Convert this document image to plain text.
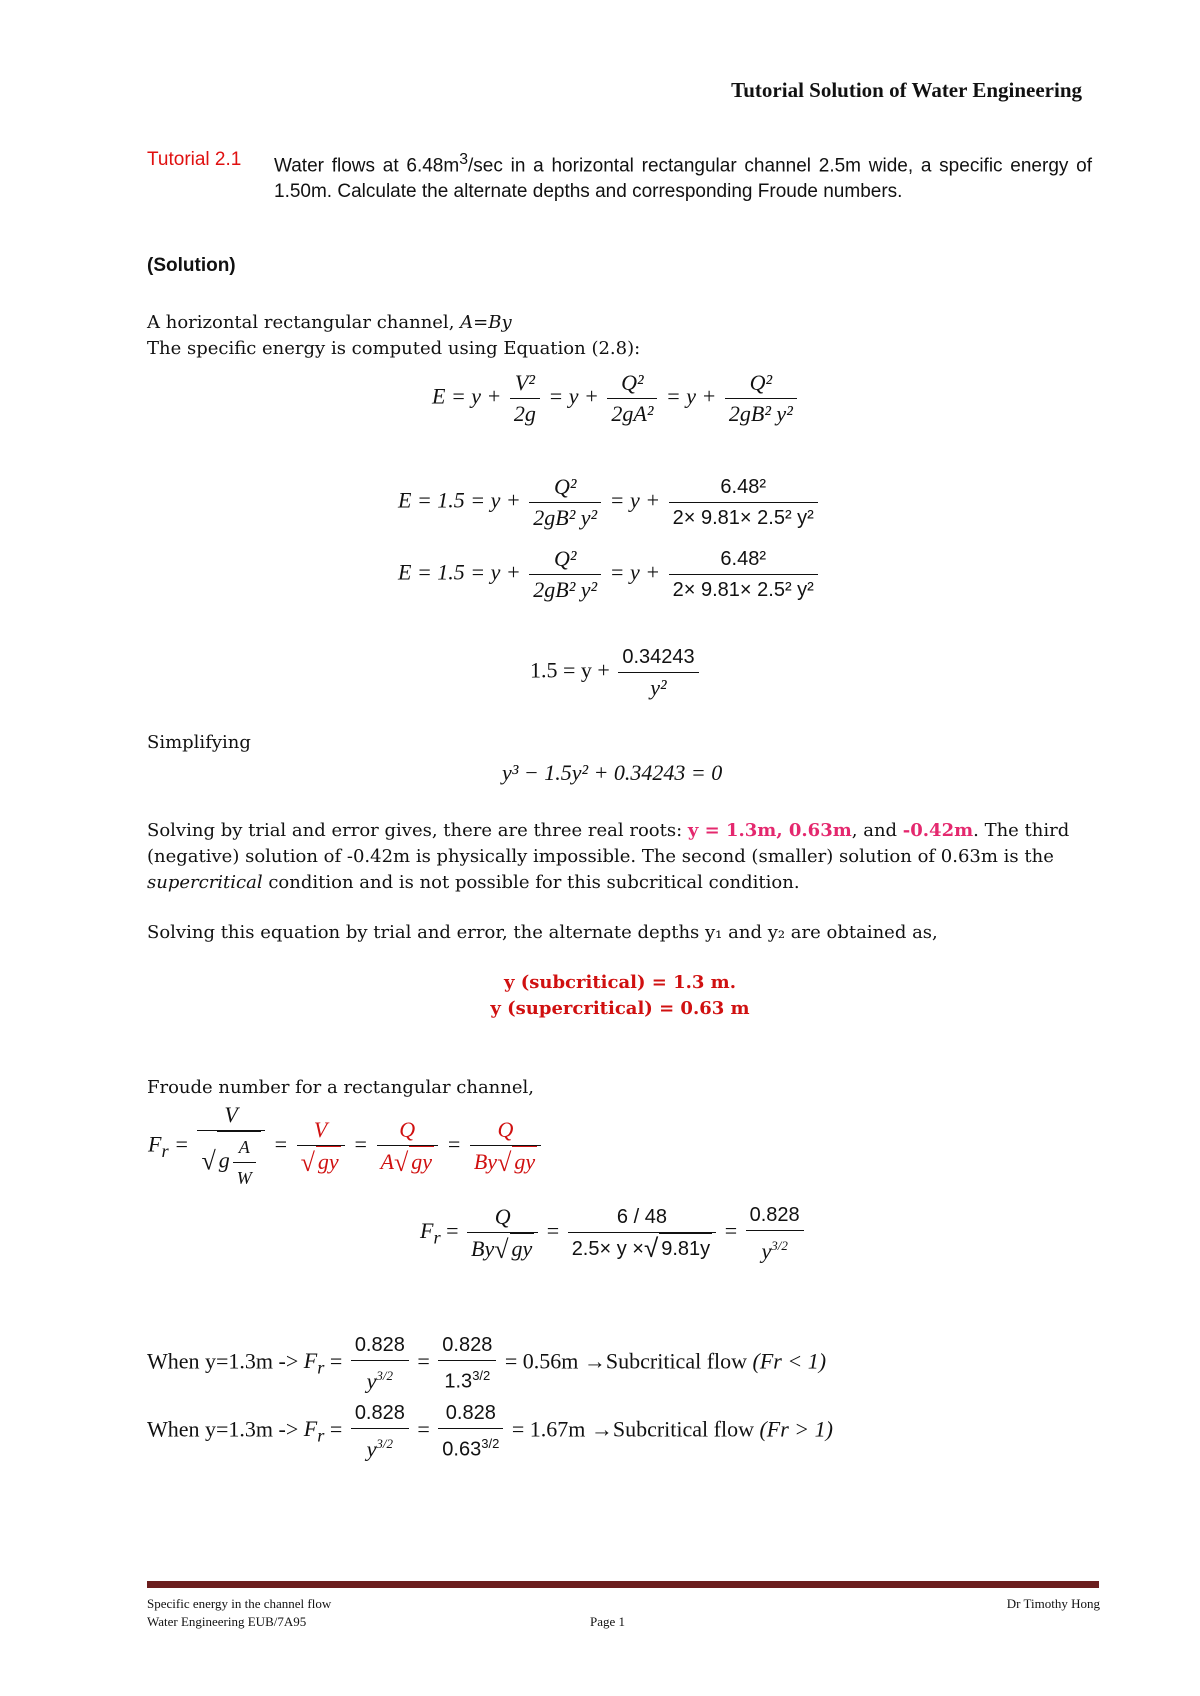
Tutorial Solution of Water Engineering
Tutorial 2.1 Water flows at $6.48m^3/\sec$ in a horizontal rectangular channel 2.5m wide, a specific energy of 1.50m. Calculate the alternate depths and corresponding Froude numbers.
(Solution)
A horizontal rectangular channel, A=By
The specific energy is computed using Equation (2.8):
$E = y + \frac{\text{V²}}{2g} = y + \frac{\text{Q²}}{\text{2gA²}} = y + \frac{\text{Q²}}{\text{2gB² y²}}$
$E = 1.5 = y + \frac{\text{Q²}}{\text{2gB² y²}} = y + \frac{\text{6.48²}}{\text{2× 9.81× 2.5² y²}}$
$E = 1.5 = y + \frac{\text{Q²}}{\text{2gB² y²}} = y + \frac{\text{6.48²}}{\text{2× 9.81× 2.5² y²}}$
$1.5 = y + \frac{0.34243}{\text{y²}}$
Simplifying
y³ − 1.5y² + 0.34243 = 0
Solving by trial and error gives, there are three real roots: y = 1.3m, 0.63m, and -0.42m. The third (negative) solution of -0.42m is physically impossible. The second (smaller) solution of 0.63m is the supercritical condition and is not possible for this subcritical condition.
Solving this equation by trial and error, the alternate depths y₁ and y₂ are obtained as,
y (subcritical) = 1.3 m.
y (supercritical) = 0.63 m
Froude number for a rectangular channel,
$F_r = \frac{V}{√ g \frac{A}{W}} = \frac{V}{√ gy} = \frac{Q}{A√ gy} = \frac{Q}{By√ gy}$
$F_r = \frac{Q}{By√ gy} = \frac{6 / 48}{2.5\times y \times√ 9.81y} = \frac{0.828}{y^{3/2}}$
When $y=1.3m -> F_r = \frac{0.828}{y^{3/2}} = \frac{0.828}{1.3^{3/2}} = 0.56m$ →Subcritical flow (Fr < 1)
When $y=1.3m -> F_r = \frac{0.828}{y^{3/2}} = \frac{0.828}{0.63^{3/2}} = 1.67m$ →Subcritical flow (Fr > 1)
Specific energy in the channel flow
Water Engineering EUB/7A95	Page 1
Dr Timothy Hong
